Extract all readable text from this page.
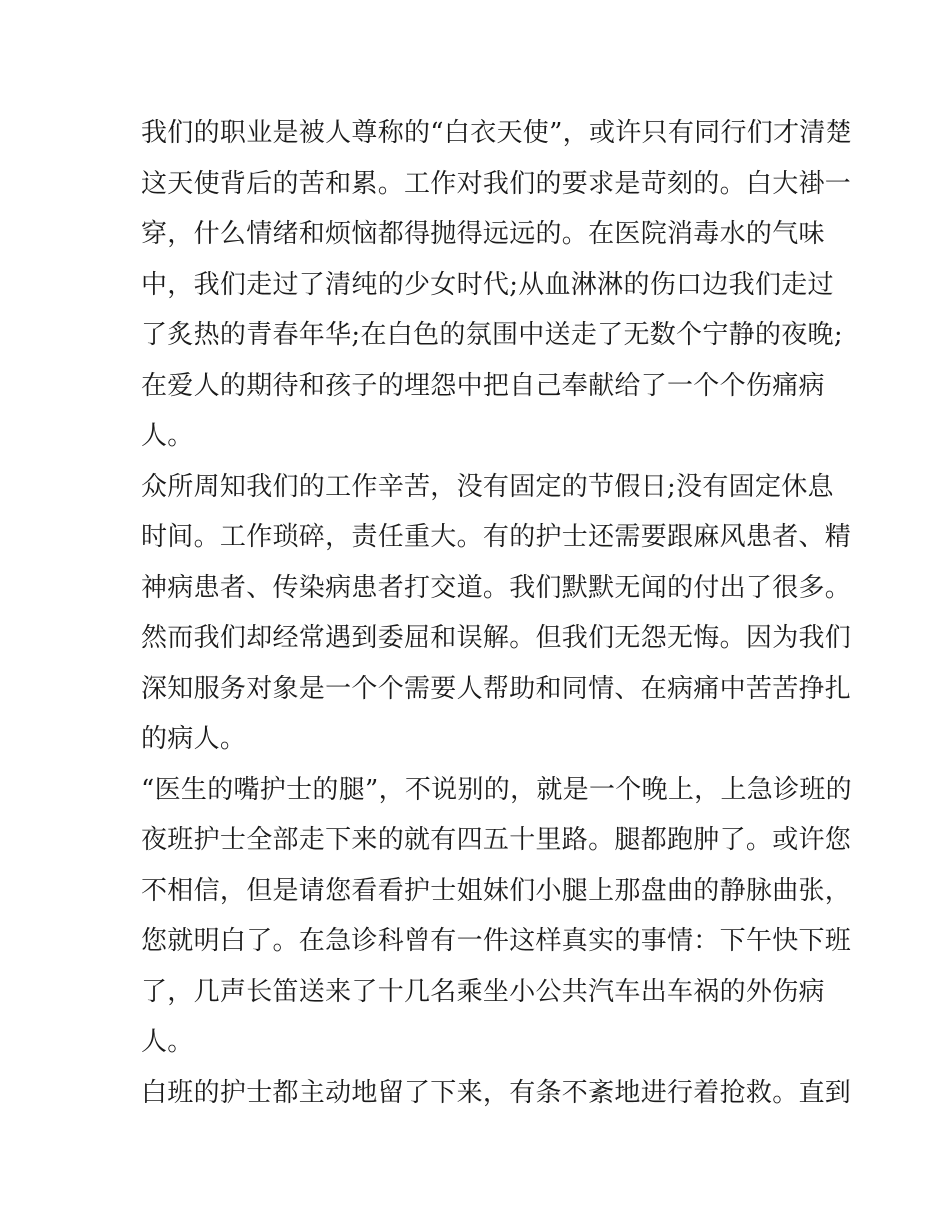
我们的职业是被人尊称的“白衣天使”，或许只有同行们才清楚
这天使背后的苦和累。工作对我们的要求是苛刻的。白大褂一
穿，什么情绪和烦恼都得抛得远远的。在医院消毒水的气味
中，我们走过了清纯的少女时代;从血淋淋的伤口边我们走过
了炙热的青春年华;在白色的氛围中送走了无数个宁静的夜晚;
在爱人的期待和孩子的埋怨中把自己奉献给了一个个伤痛病
人。
众所周知我们的工作辛苦，没有固定的节假日;没有固定休息
时间。工作琐碎，责任重大。有的护士还需要跟麻风患者、精
神病患者、传染病患者打交道。我们默默无闻的付出了很多。
然而我们却经常遇到委屈和误解。但我们无怨无悔。因为我们
深知服务对象是一个个需要人帮助和同情、在病痛中苦苦挣扎
的病人。
“医生的嘴护士的腿”，不说别的，就是一个晚上，上急诊班的
夜班护士全部走下来的就有四五十里路。腿都跑肿了。或许您
不相信，但是请您看看护士姐妹们小腿上那盘曲的静脉曲张，
您就明白了。在急诊科曾有一件这样真实的事情：下午快下班
了，几声长笛送来了十几名乘坐小公共汽车出车祸的外伤病
人。
白班的护士都主动地留了下来，有条不紊地进行着抢救。直到
